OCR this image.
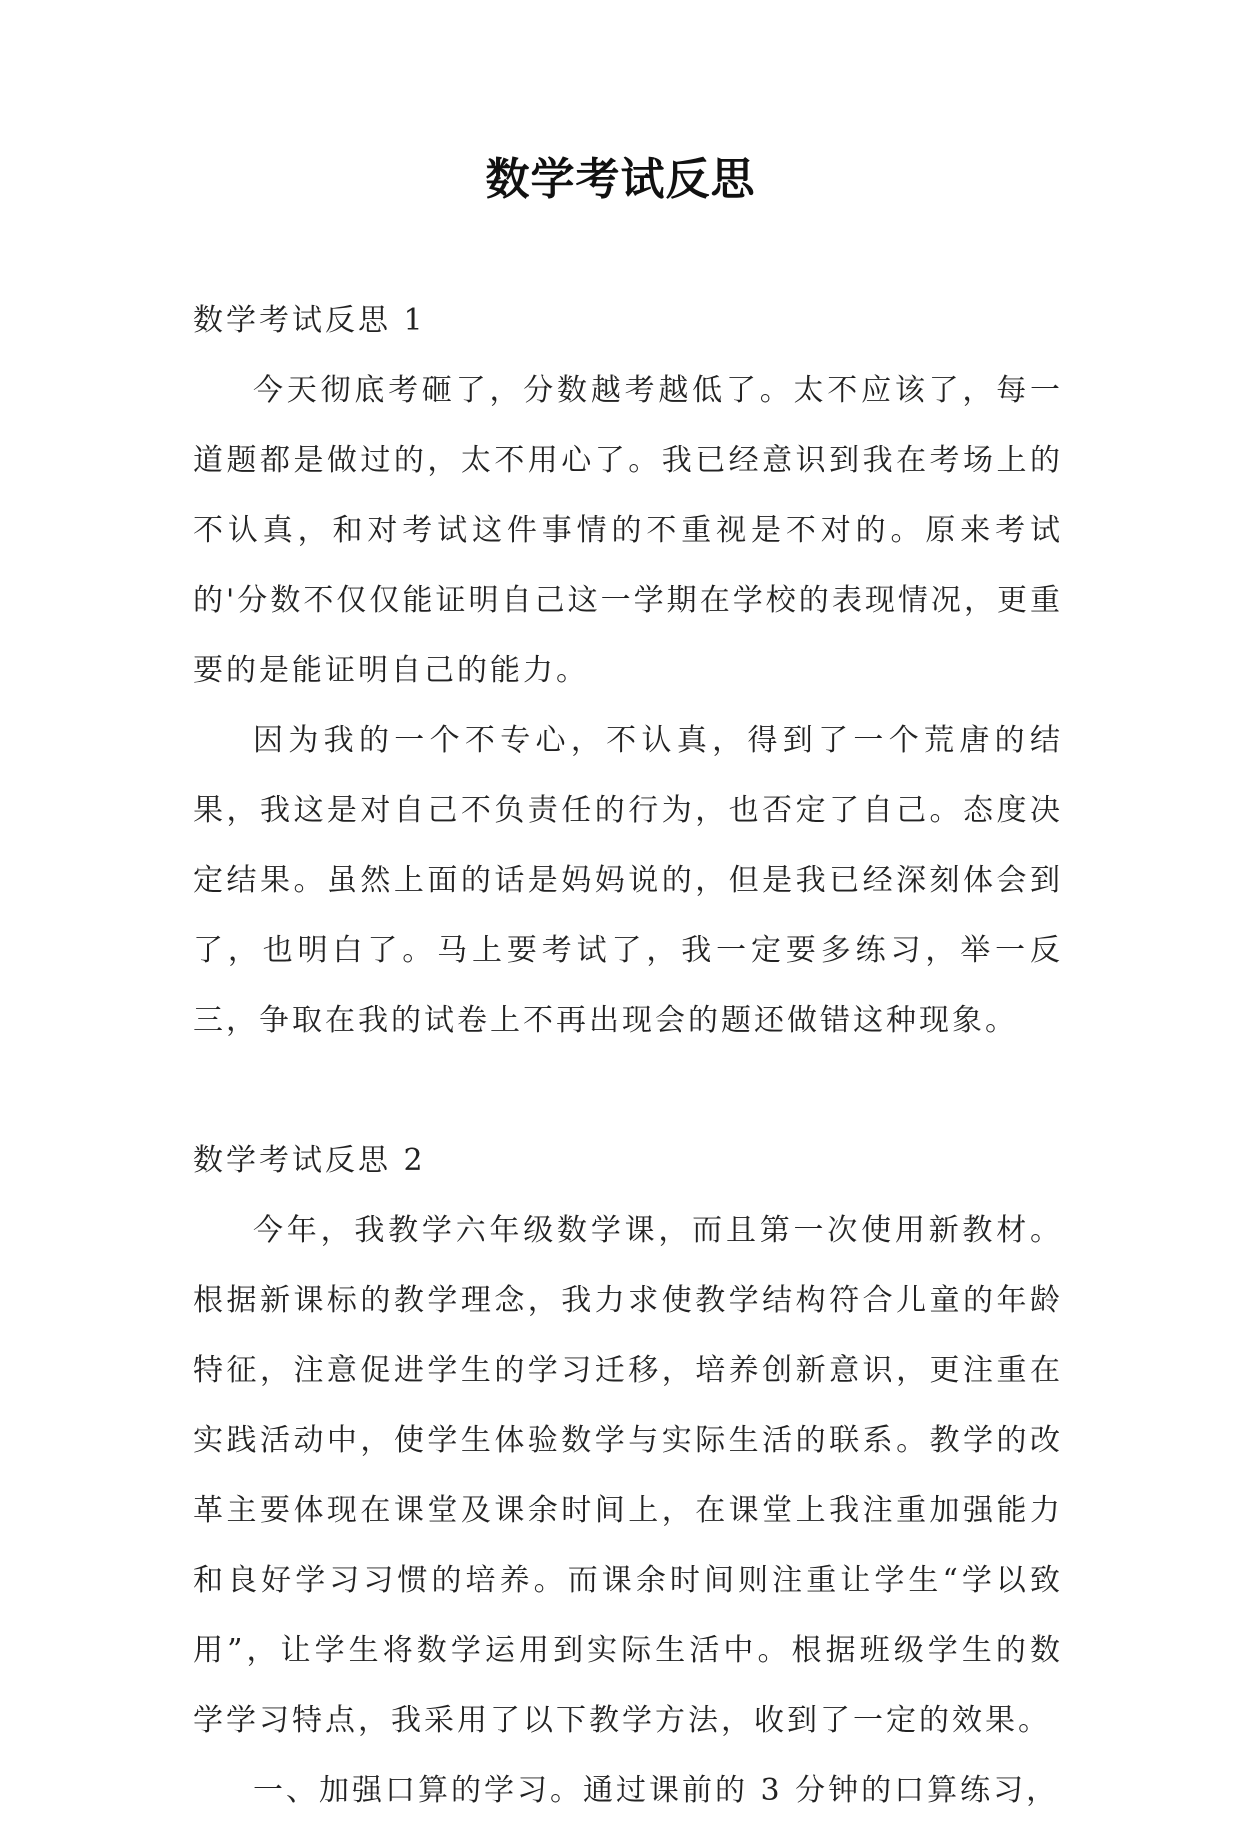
数学考试反思

数学考试反思 1

今天彻底考砸了，分数越考越低了。太不应该了，每一道题都是做过的，太不用心了。我已经意识到我在考场上的不认真，和对考试这件事情的不重视是不对的。原来考试的'分数不仅仅能证明自己这一学期在学校的表现情况，更重要的是能证明自己的能力。

因为我的一个不专心，不认真，得到了一个荒唐的结果，我这是对自己不负责任的行为，也否定了自己。态度决定结果。虽然上面的话是妈妈说的，但是我已经深刻体会到了，也明白了。马上要考试了，我一定要多练习，举一反三，争取在我的试卷上不再出现会的题还做错这种现象。

数学考试反思 2

今年，我教学六年级数学课，而且第一次使用新教材。根据新课标的教学理念，我力求使教学结构符合儿童的年龄特征，注意促进学生的学习迁移，培养创新意识，更注重在实践活动中，使学生体验数学与实际生活的联系。教学的改革主要体现在课堂及课余时间上，在课堂上我注重加强能力和良好学习习惯的培养。而课余时间则注重让学生“学以致用”，让学生将数学运用到实际生活中。根据班级学生的数学学习特点，我采用了以下教学方法，收到了一定的效果。

一、加强口算的学习。通过课前的 3 分钟的口算练习，
